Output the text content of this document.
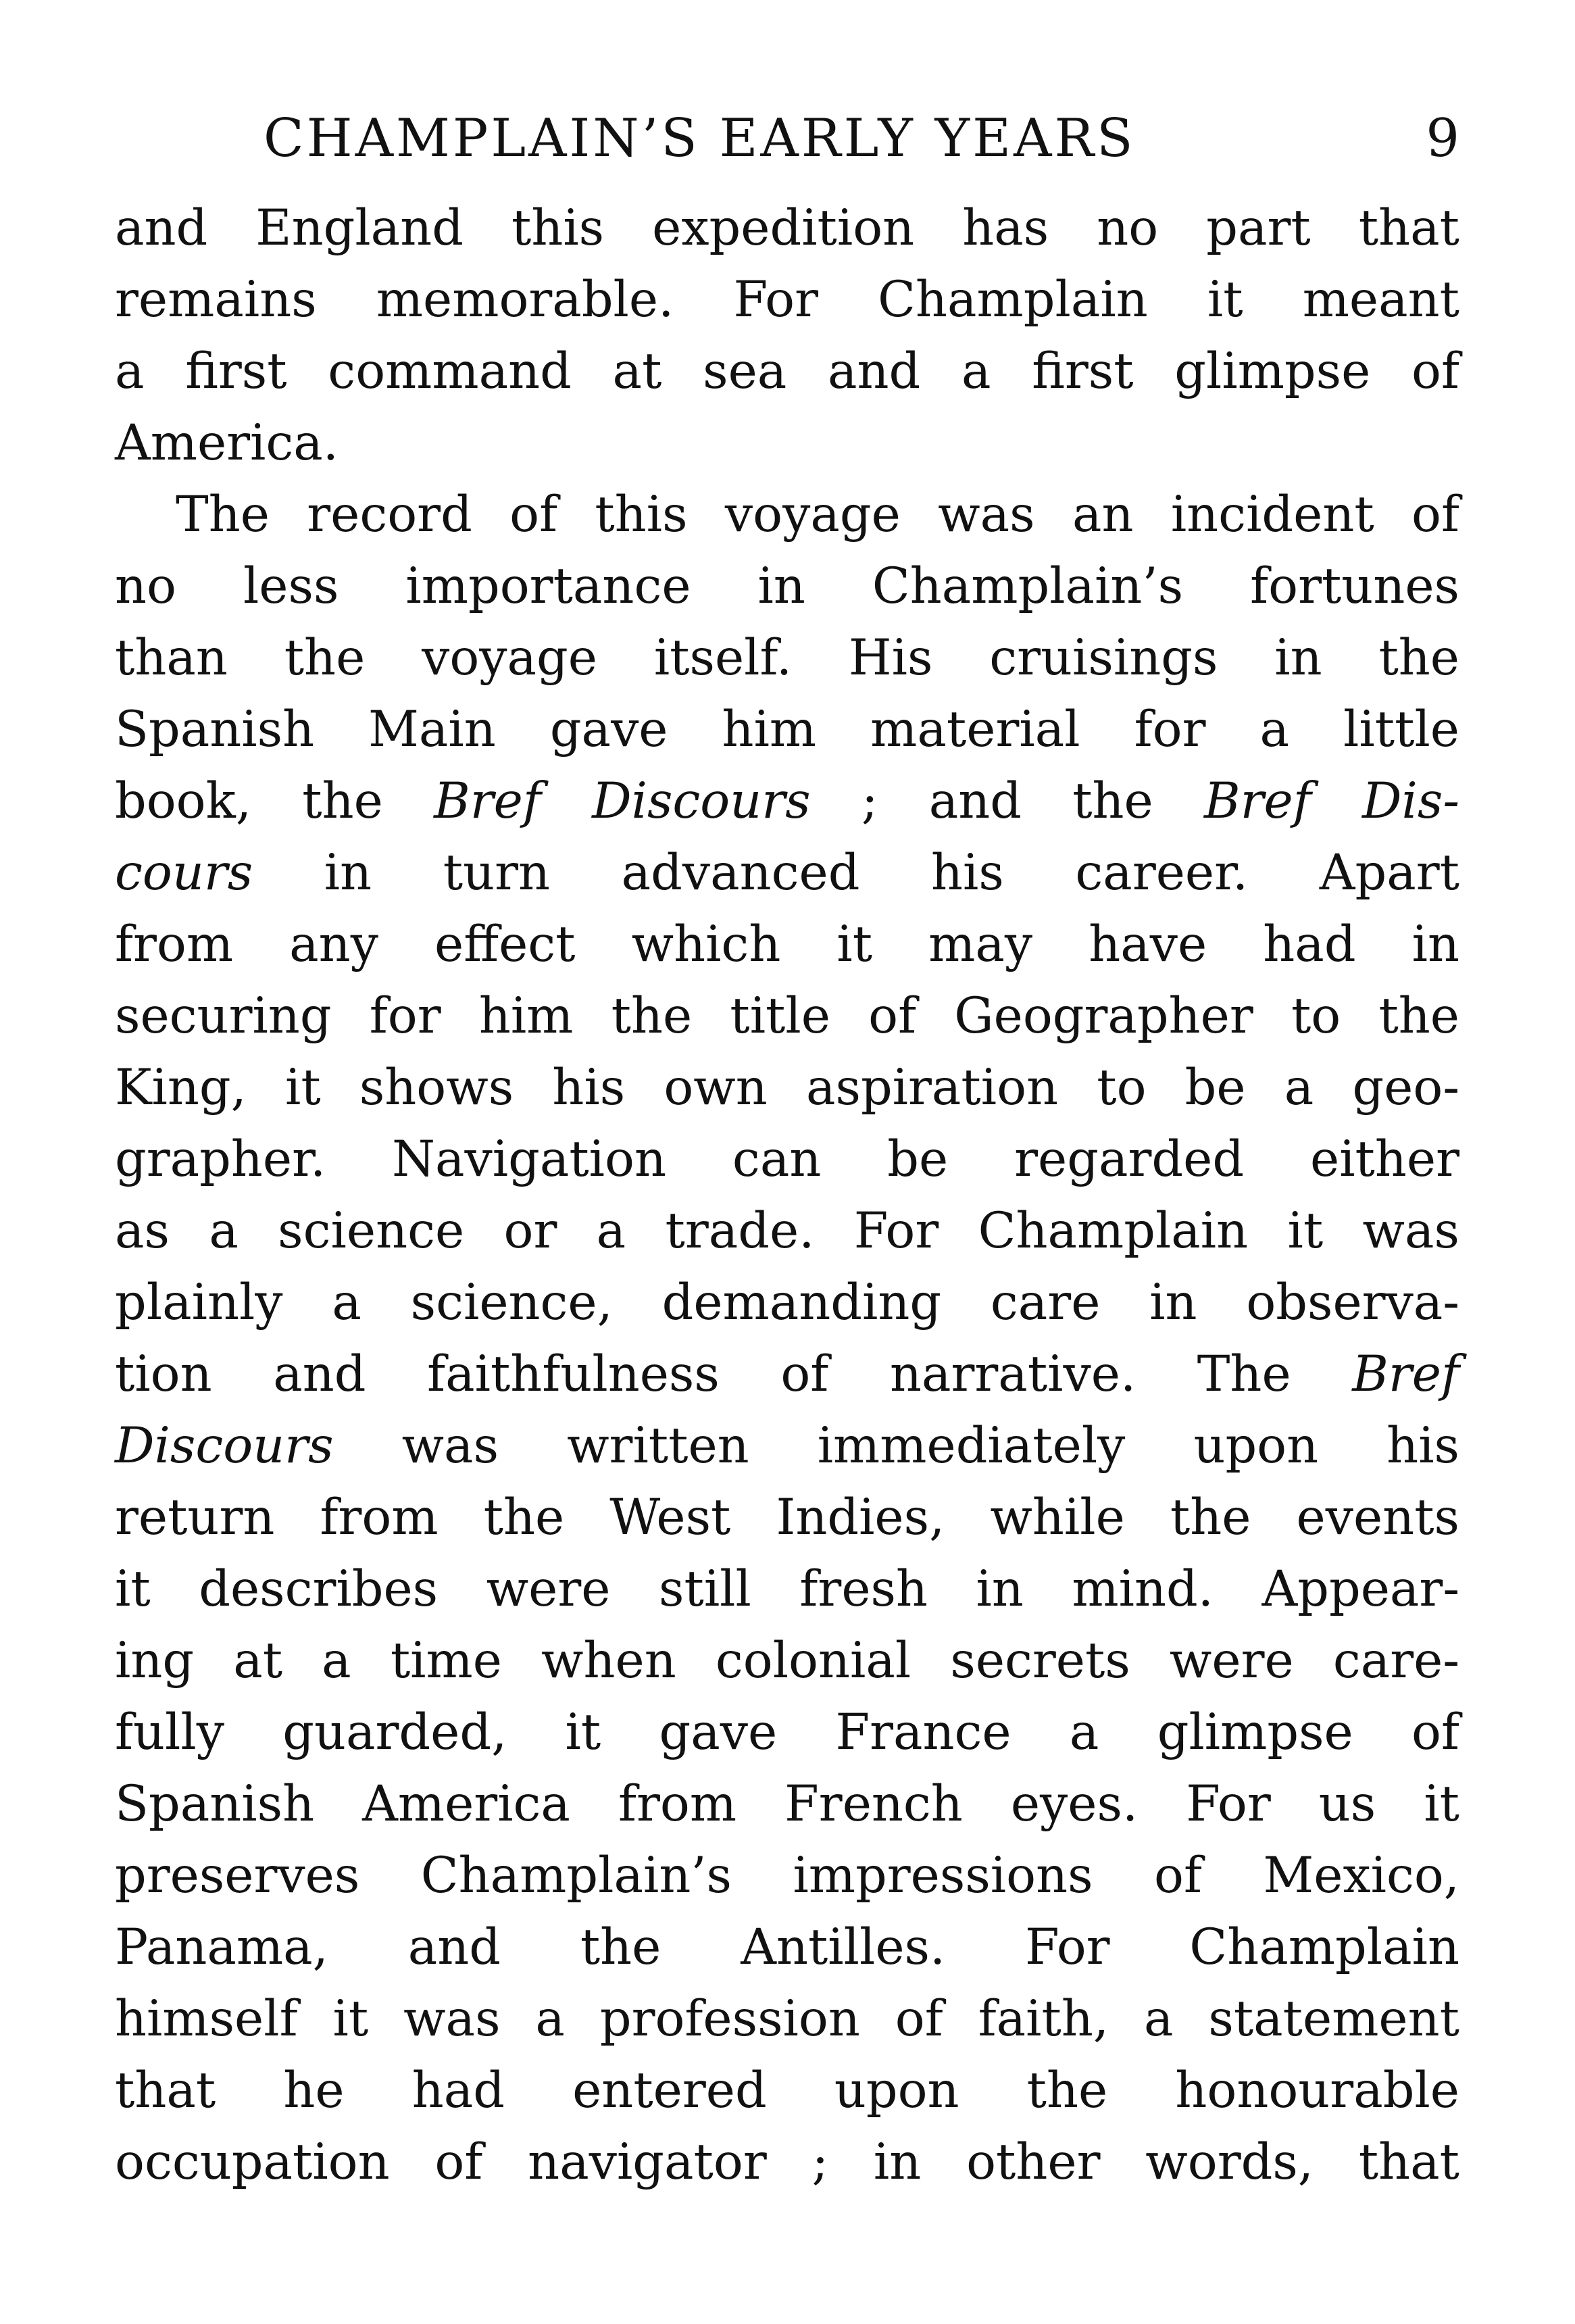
CHAMPLAIN’S EARLY YEARS	9
and England this expedition has no part that
remains memorable. For Champlain it meant
a first command at sea and a first glimpse of
America.
The record of this voyage was an incident of
no less importance in Champlain’s fortunes
than the voyage itself. His cruisings in the
Spanish Main gave him material for a little
book, the Bref Discours ; and the Bref Dis-
cours in turn advanced his career. Apart
from any effect which it may have had in
securing for him the title of Geographer to the
King, it shows his own aspiration to be a geo-
grapher. Navigation can be regarded either
as a science or a trade. For Champlain it was
plainly a science, demanding care in observa-
tion and faithfulness of narrative. The Bref
Discours was written immediately upon his
return from the West Indies, while the events
it describes were still fresh in mind. Appear-
ing at a time when colonial secrets were care-
fully guarded, it gave France a glimpse of
Spanish America from French eyes. For us it
preserves Champlain’s impressions of Mexico,
Panama, and the Antilles. For Champlain
himself it was a profession of faith, a statement
that he had entered upon the honourable
occupation of navigator ; in other words, that
